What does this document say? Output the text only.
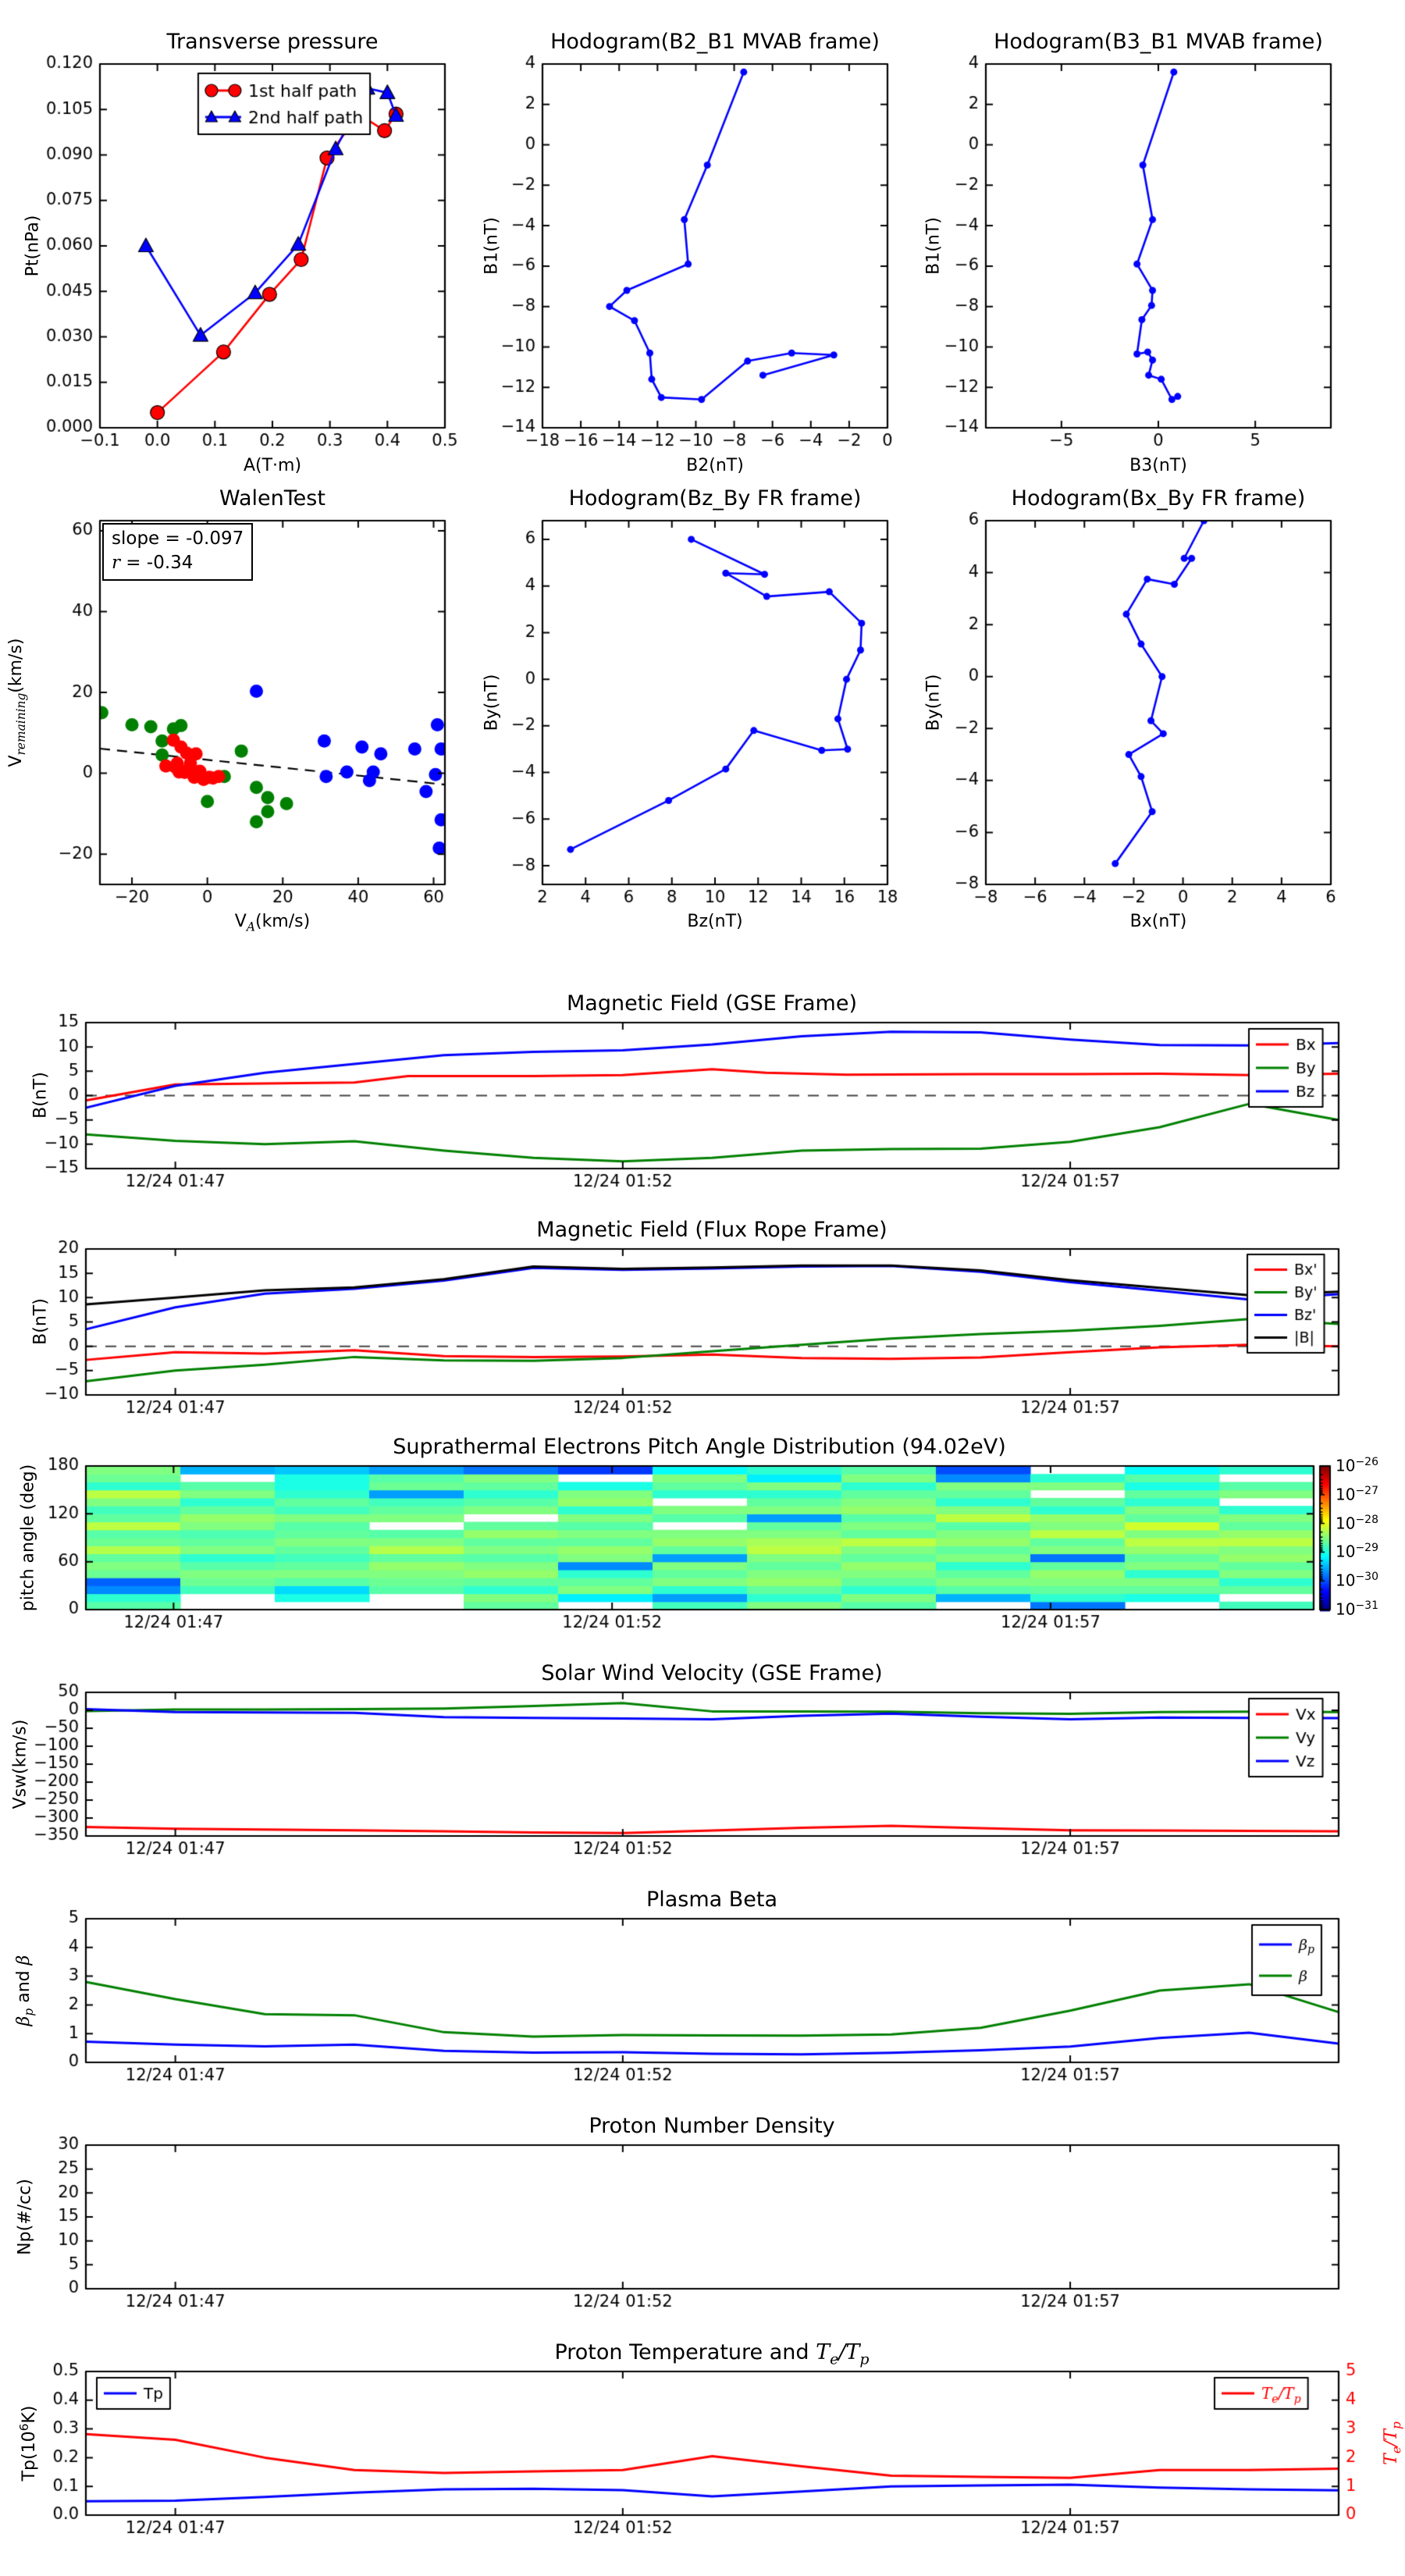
Transverse pressure	Hodogram(B2_B1 MVAB frame)	Hodogram(B3_B1 MVAB frame)
WalenTest	Hodogram(Bz_By FR frame)	Hodogram(Bx_By FR frame)
Magnetic Field (GSE Frame)
Magnetic Field (Flux Rope Frame)
Suprathermal Electrons Pitch Angle Distribution (94.02eV)
Solar Wind Velocity (GSE Frame)
Plasma Beta
Proton Number Density
Proton Temperature and $T_e/T_p$
A(T·m)	B2(nT)	B3(nT)
$V_A(km/s)$	Bz(nT)	Bx(nT)
Pt(nPa)	B1(nT)	B1(nT)
$V_{remaining}(km/s)$
By(nT)	By(nT)
B(nT)
B(nT)
pitch angle (deg)
Vsw(km/s)
$\beta_p$ and β
Np(#/cc)
$Tp(10^6K)$
$T_e/T_p$
slope = -0.097
r = -0.34
$10^{-26}$
$10^{-27}$
$10^{-28}$
$10^{-29}$
$10^{-30}$
$10^{-31}$
